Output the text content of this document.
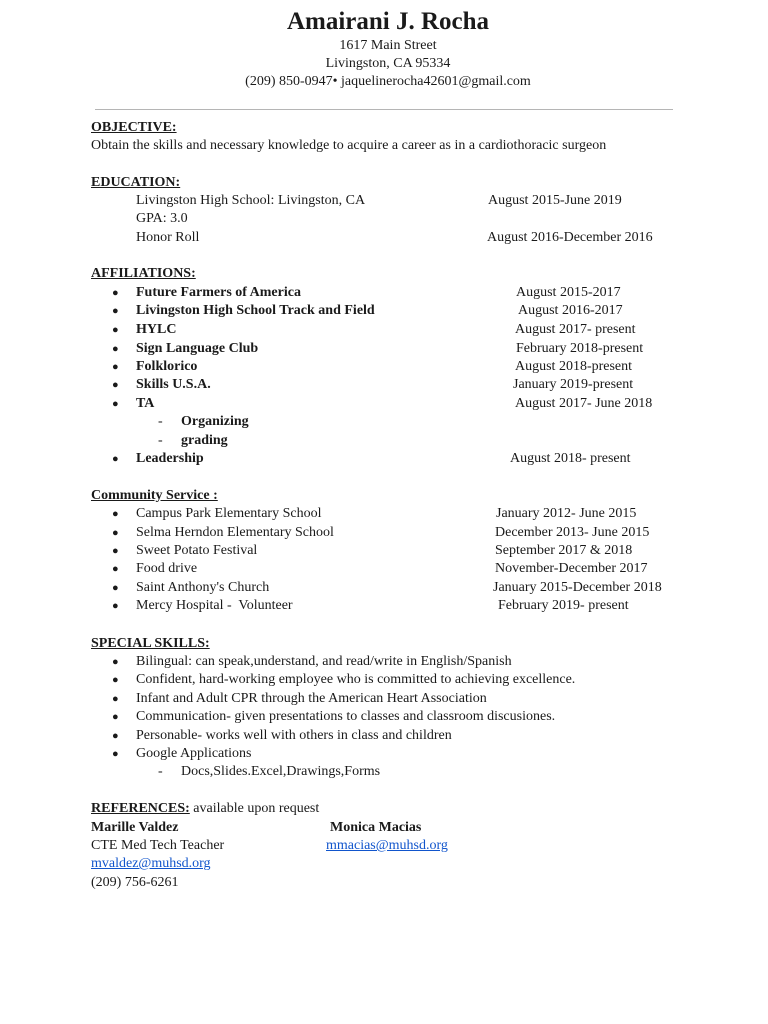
Amairani J. Rocha
1617 Main Street
Livingston, CA 95334
(209) 850-0947• jaquelinerocha42601@gmail.com
OBJECTIVE:
Obtain the skills and necessary knowledge to acquire a career as in a cardiothoracic surgeon
EDUCATION:
Livingston High School: Livingston, CA	August 2015-June 2019
GPA: 3.0
Honor Roll	August 2016-December 2016
AFFILIATIONS:
● Future Farmers of America	August 2015-2017
● Livingston High School Track and Field	August 2016-2017
● HYLC	August 2017- present
● Sign Language Club	February 2018-present
● Folklorico	August 2018-present
● Skills U.S.A.	January 2019-present
● TA	August 2017- June 2018
- Organizing
- grading
● Leadership	August 2018- present
Community Service :
● Campus Park Elementary School	January 2012- June 2015
● Selma Herndon Elementary School	December 2013- June 2015
● Sweet Potato Festival	September 2017 & 2018
● Food drive	November-December 2017
● Saint Anthony's Church	January 2015-December 2018
● Mercy Hospital -  Volunteer	February 2019- present
SPECIAL SKILLS:
● Bilingual: can speak,understand, and read/write in English/Spanish
● Confident, hard-working employee who is committed to achieving excellence.
● Infant and Adult CPR through the American Heart Association
● Communication- given presentations to classes and classroom discusiones.
● Personable- works well with others in class and children
● Google Applications
- Docs,Slides.Excel,Drawings,Forms
REFERENCES: available upon request
Marille Valdez	Monica Macias
CTE Med Tech Teacher	mmacias@muhsd.org
mvaldez@muhsd.org
(209) 756-6261
